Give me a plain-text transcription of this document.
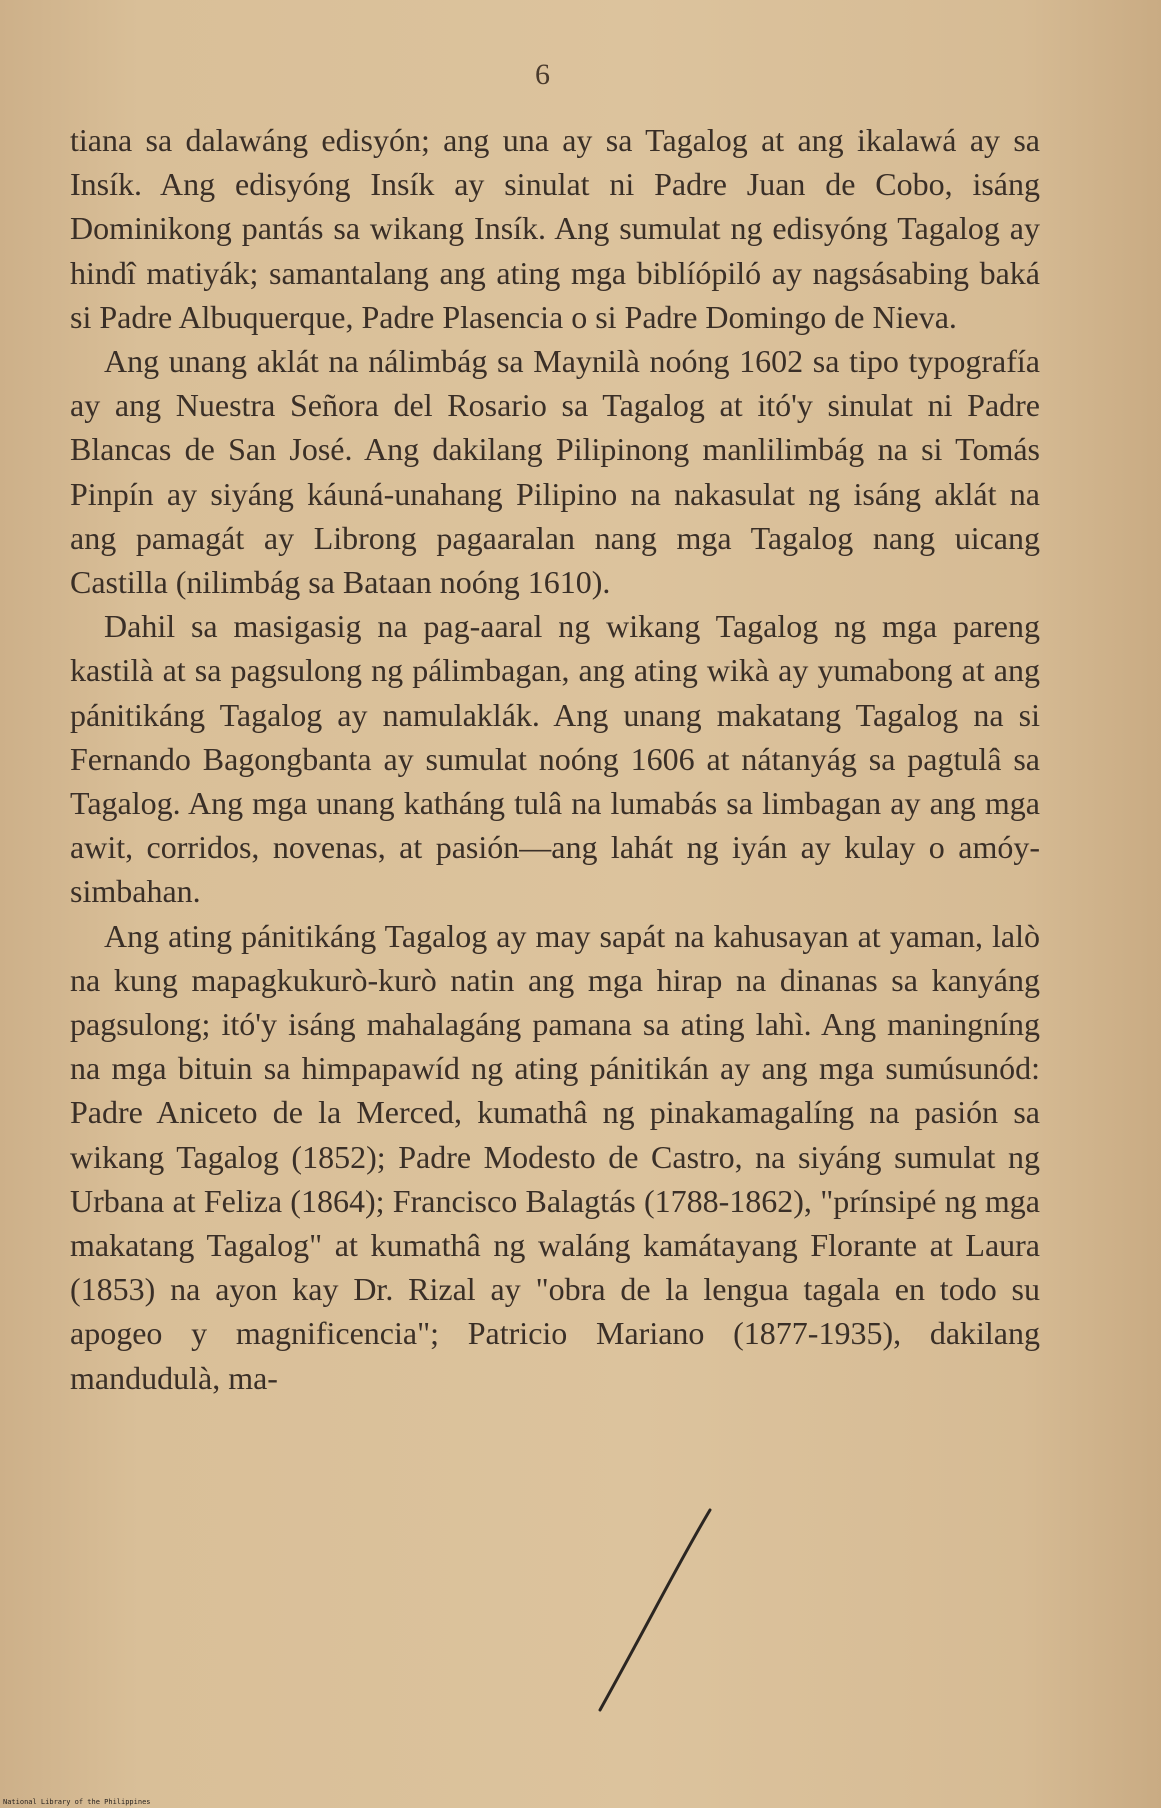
6

tiana sa dalawáng edisyón; ang una ay sa Tagalog at ang ikalawá ay sa Insík. Ang edisyóng Insík ay sinulat ni Padre Juan de Cobo, isáng Dominikong pantás sa wikang Insík. Ang sumulat ng edisyóng Tagalog ay hindî matiyák; samantalang ang ating mga biblíópiló ay nagsásabing baká si Padre Albuquerque, Padre Plasencia o si Padre Domingo de Nieva.

Ang unang aklát na nálimbág sa Maynilà noóng 1602 sa tipo typografía ay ang Nuestra Señora del Rosario sa Tagalog at itó'y sinulat ni Padre Blancas de San José. Ang dakilang Pilipinong manlilimbág na si Tomás Pinpín ay siyáng káuná-unahang Pilipino na nakasulat ng isáng aklát na ang pamagát ay Librong pagaaralan nang mga Tagalog nang uicang Castilla (nilimbág sa Bataan noóng 1610).

Dahil sa masigasig na pag-aaral ng wikang Tagalog ng mga pareng kastilà at sa pagsulong ng pálimbagan, ang ating wikà ay yumabong at ang pánitikáng Tagalog ay namulaklák. Ang unang makatang Tagalog na si Fernando Bagongbanta ay sumulat noóng 1606 at nátanyág sa pagtulâ sa Tagalog. Ang mga unang katháng tulâ na lumabás sa limbagan ay ang mga awit, corridos, novenas, at pasión—ang lahát ng iyán ay kulay o amóy-simbahan.

Ang ating pánitikáng Tagalog ay may sapát na kahusayan at yaman, lalò na kung mapagkukurò-kurò natin ang mga hirap na dinanas sa kanyáng pagsulong; itó'y isáng mahalagáng pamana sa ating lahì. Ang maningníng na mga bituin sa himpapawíd ng ating pánitikán ay ang mga sumúsunód: Padre Aniceto de la Merced, kumathâ ng pinakamagalíng na pasión sa wikang Tagalog (1852); Padre Modesto de Castro, na siyáng sumulat ng Urbana at Feliza (1864); Francisco Balagtás (1788-1862), "prínsipé ng mga makatang Tagalog" at kumathâ ng waláng kamátayang Florante at Laura (1853) na ayon kay Dr. Rizal ay "obra de la lengua tagala en todo su apogeo y magnificencia"; Patricio Mariano (1877-1935), dakilang mandudulà, ma-

National Library of the Philippines
